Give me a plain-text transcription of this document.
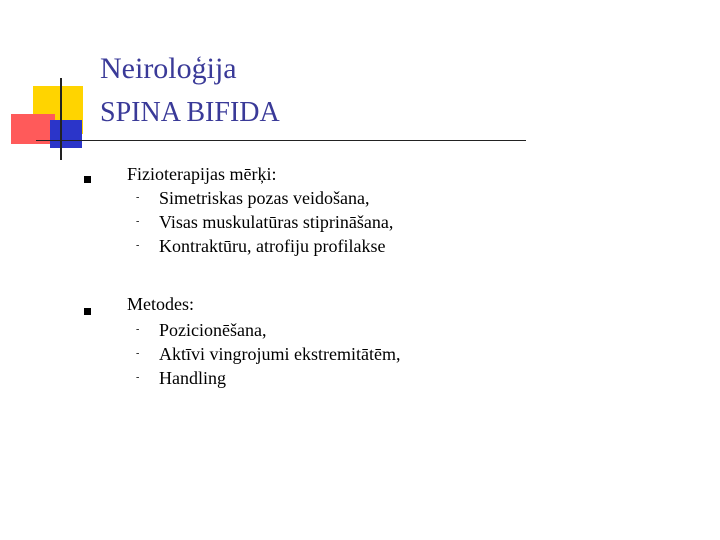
Neiroloģija
SPINA BIFIDA
Fizioterapijas mērķi:
- Simetriskas pozas veidošana,
- Visas muskulatūras stiprināšana,
- Kontraktūru, atrofiju profilakse
Metodes:
- Pozicionēšana,
- Aktīvi vingrojumi ekstremitātēm,
- Handling
